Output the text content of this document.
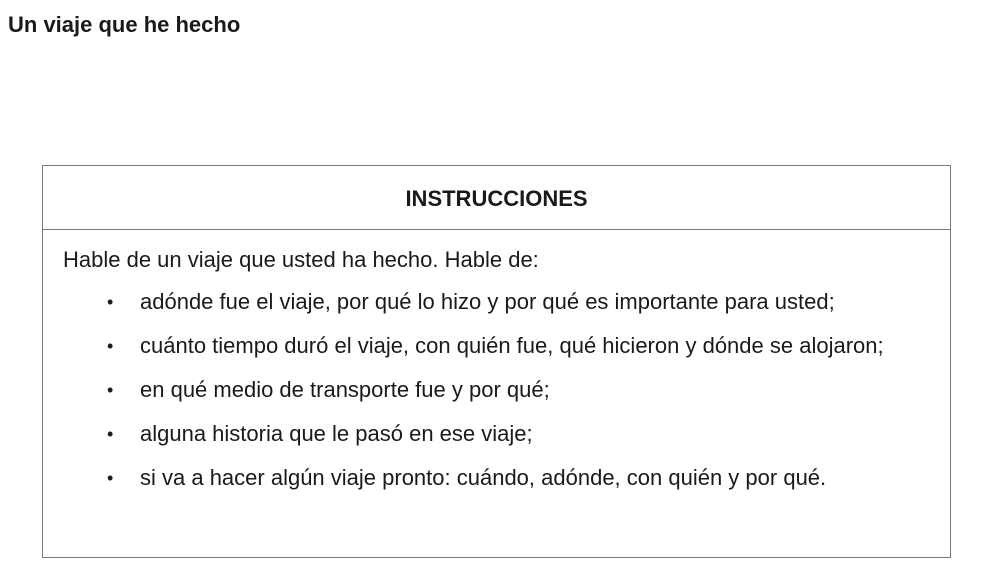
Un viaje que he hecho
INSTRUCCIONES

Hable de un viaje que usted ha hecho. Hable de:

• adónde fue el viaje, por qué lo hizo y por qué es importante para usted;
• cuánto tiempo duró el viaje, con quién fue, qué hicieron y dónde se alojaron;
• en qué medio de transporte fue y por qué;
• alguna historia que le pasó en ese viaje;
• si va a hacer algún viaje pronto: cuándo, adónde, con quién y por qué.
